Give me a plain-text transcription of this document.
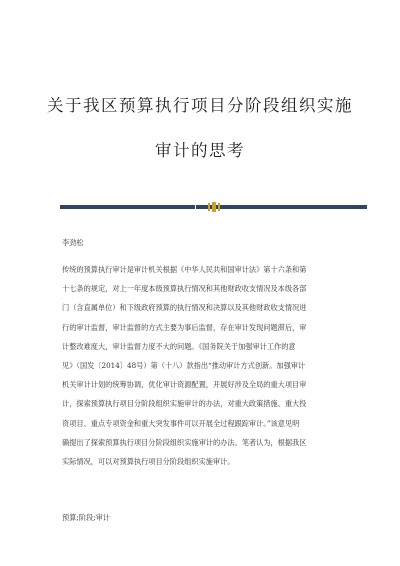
关于我区预算执行项目分阶段组织实施
审计的思考
李劲松
传统的预算执行审计是审计机关根据《中华人民共和国审计法》第十六条和第
十七条的规定，对上一年度本级预算执行情况和其他财政收支情况及本级各部
门（含直属单位）和下级政府预算的执行情况和决算以及其他财政收支情况进
行的审计监督，审计监督的方式主要为事后监督，存在审计发现问题滞后，审
计整改难度大，审计监督力度不大的问题。《国务院关于加强审计工作的意
见》（国发〔2014〕48号）第（十八）款指出“推动审计方式创新。加强审计
机关审计计划的统筹协调，优化审计资源配置，开展好涉及全局的重大项目审
计，探索预算执行项目分阶段组织实施审计的办法，对重大政策措施、重大投
资项目、重点专项资金和重大突发事件可以开展全过程跟踪审计。”该意见明
确提出了探索预算执行项目分阶段组织实施审计的办法。笔者认为，根据我区
实际情况，可以对预算执行项目分阶段组织实施审计。
预算;阶段;审计
